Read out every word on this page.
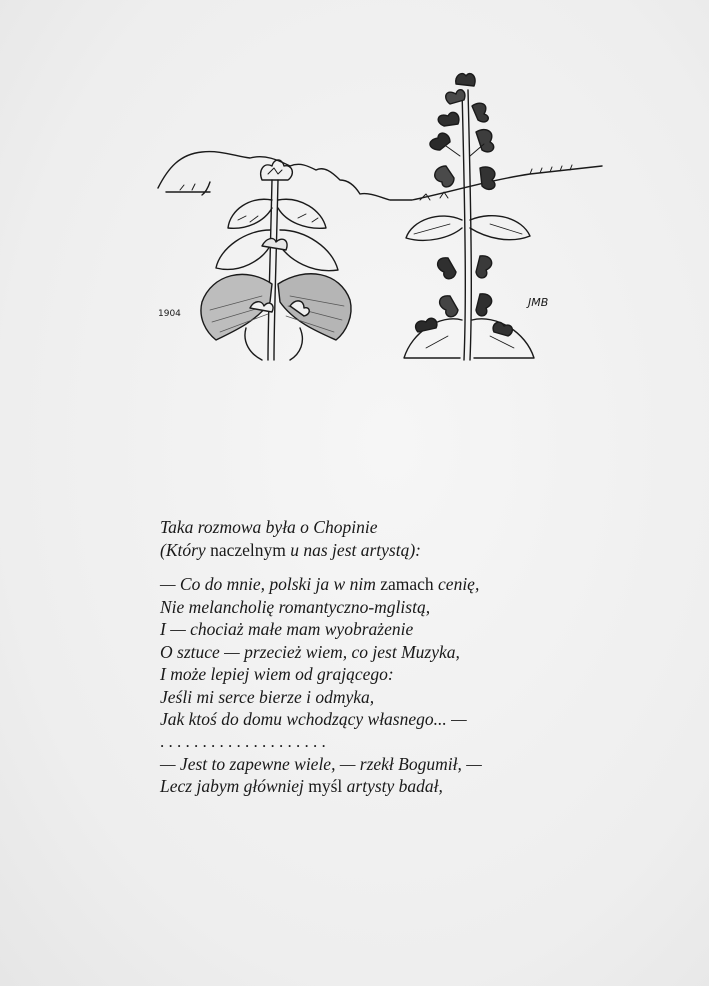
1904
JMB
Taka rozmowa była o Chopinie
(Który naczelnym u nas jest artystą):
— Co do mnie, polski ja w nim zamach cenię,
Nie melancholię romantyczno-mglistą,
I — chociaż małe mam wyobrażenie
O sztuce — przecież wiem, co jest Muzyka,
I może lepiej wiem od grającego:
Jeśli mi serce bierze i odmyka,
Jak ktoś do domu wchodzący własnego... —
. . . . . . . . . . . . . . . . . . . .
— Jest to zapewne wiele, — rzekł Bogumił, —
Lecz jabym główniej myśl artysty badał,
